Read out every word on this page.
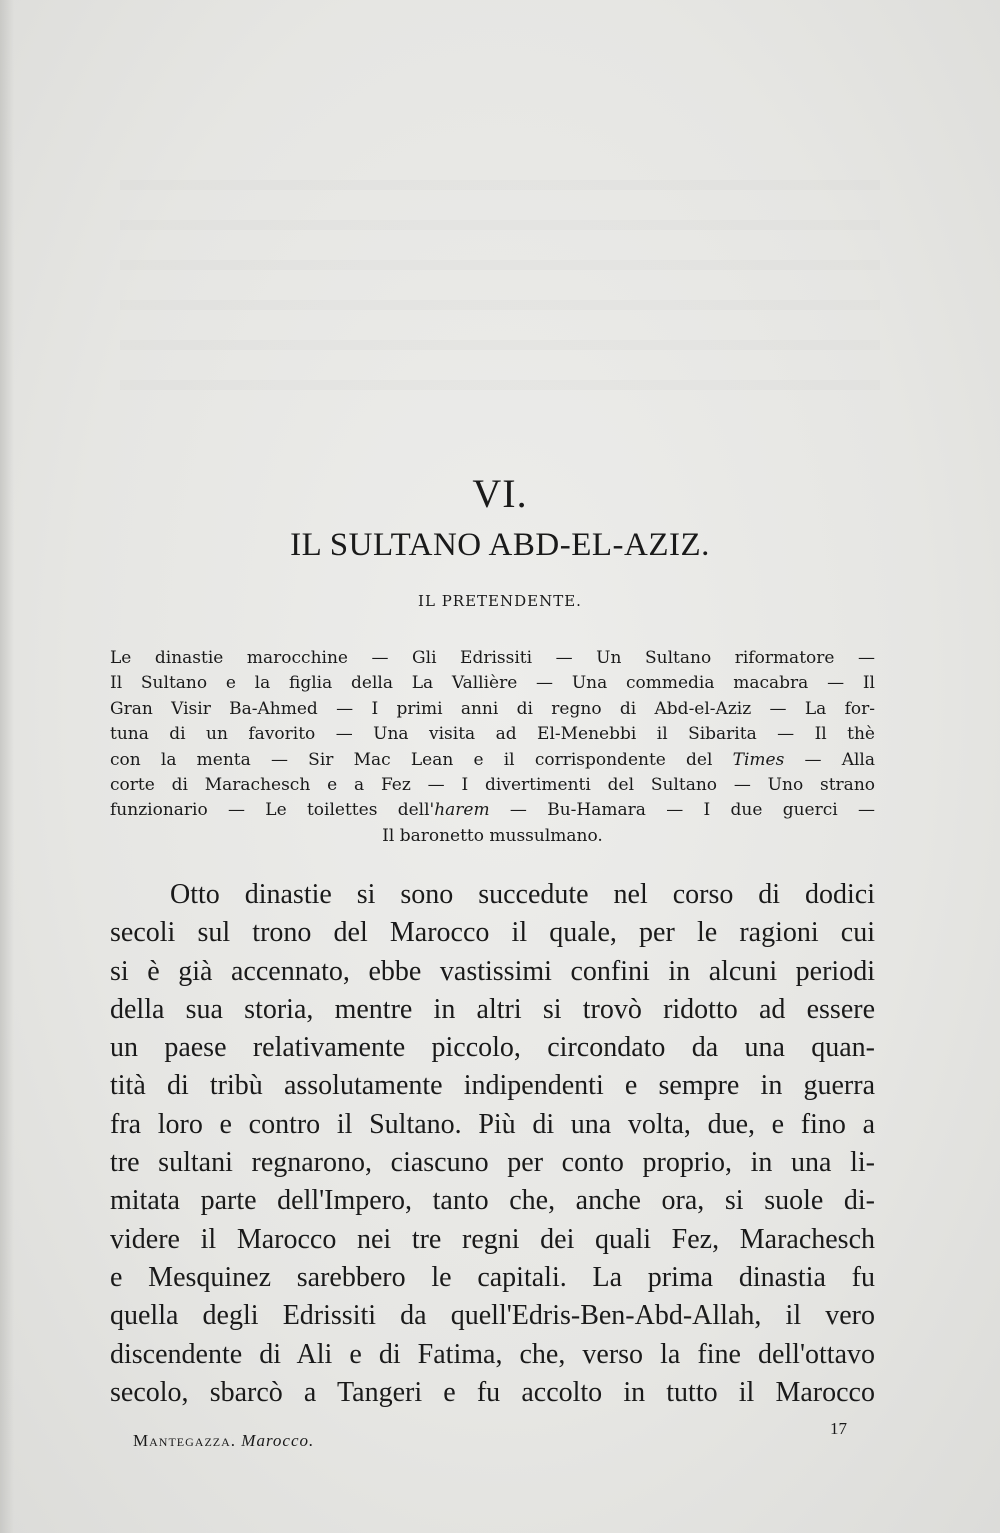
VI.
IL SULTANO ABD-EL-AZIZ.
IL PRETENDENTE.
Le dinastie marocchine — Gli Edrissiti — Un Sultano riformatore —
Il Sultano e la figlia della La Vallière — Una commedia macabra — Il
Gran Visir Ba-Ahmed — I primi anni di regno di Abd-el-Aziz — La for-
tuna di un favorito — Una visita ad El-Menebbi il Sibarita — Il thè
con la menta — Sir Mac Lean e il corrispondente del Times — Alla
corte di Marachesch e a Fez — I divertimenti del Sultano — Uno strano
funzionario — Le toilettes dell'harem — Bu-Hamara — I due guerci —
Il baronetto mussulmano.
Otto dinastie si sono succedute nel corso di dodici
secoli sul trono del Marocco il quale, per le ragioni cui
si è già accennato, ebbe vastissimi confini in alcuni periodi
della sua storia, mentre in altri si trovò ridotto ad essere
un paese relativamente piccolo, circondato da una quan-
tità di tribù assolutamente indipendenti e sempre in guerra
fra loro e contro il Sultano. Più di una volta, due, e fino a
tre sultani regnarono, ciascuno per conto proprio, in una li-
mitata parte dell'Impero, tanto che, anche ora, si suole di-
videre il Marocco nei tre regni dei quali Fez, Marachesch
e Mesquinez sarebbero le capitali. La prima dinastia fu
quella degli Edrissiti da quell'Edris-Ben-Abd-Allah, il vero
discendente di Ali e di Fatima, che, verso la fine dell'ottavo
secolo, sbarcò a Tangeri e fu accolto in tutto il Marocco
Mantegazza. Marocco.
17
